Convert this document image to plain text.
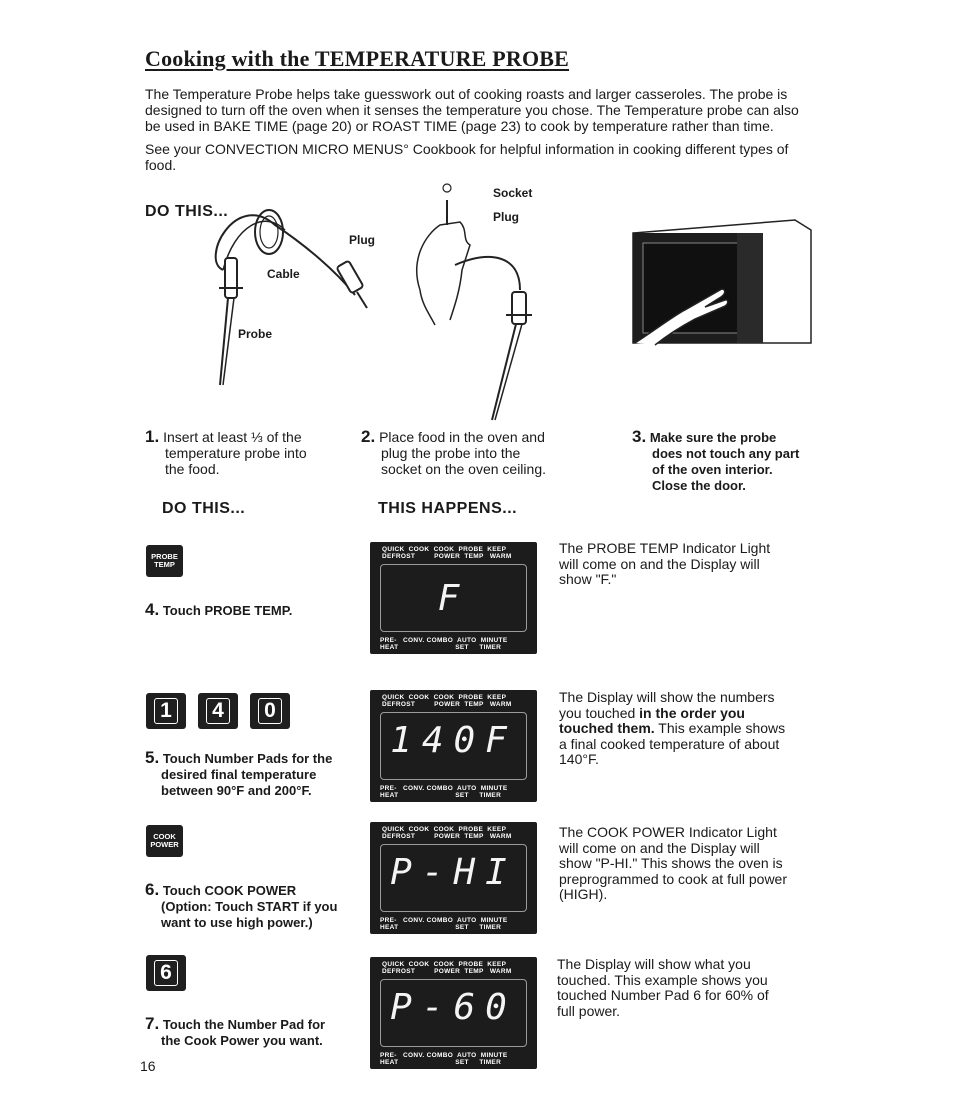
Cooking with the TEMPERATURE PROBE
The Temperature Probe helps take guesswork out of cooking roasts and larger casseroles. The probe is designed to turn off the oven when it senses the temperature you chose. The Temperature probe can also be used in BAKE TIME (page 20) or ROAST TIME (page 23) to cook by temperature rather than time.
See your CONVECTION MICRO MENUS° Cookbook for helpful information in cooking different types of food.
DO THIS...
Cable
Plug
Probe
Socket
Plug
1. Insert at least ⅓ of the
temperature probe into
the food.
2. Place food in the oven and
plug the probe into the
socket on the oven ceiling.
3. Make sure the probe
does not touch any part
of the oven interior.
Close the door.
DO THIS...	THIS HAPPENS...
PROBE
TEMP
4. Touch PROBE TEMP.
QUICK  COOK  COOK  PROBE  KEEP
DEFROST         POWER  TEMP   WARM
F
PRE-   CONV. COMBO  AUTO  MINUTE
HEAT                           SET     TIMER
The PROBE TEMP Indicator Light will come on and the Display will show "F."
1 4 0
5. Touch Number Pads for the
desired final temperature
between 90°F and 200°F.
QUICK  COOK  COOK  PROBE  KEEP
DEFROST         POWER  TEMP   WARM
140F
PRE-   CONV. COMBO  AUTO  MINUTE
HEAT                           SET     TIMER
The Display will show the numbers you touched in the order you touched them. This example shows a final cooked temperature of about 140°F.
COOK
POWER
6. Touch COOK POWER
(Option: Touch START if you
want to use high power.)
QUICK  COOK  COOK  PROBE  KEEP
DEFROST         POWER  TEMP   WARM
P-HI
PRE-   CONV. COMBO  AUTO  MINUTE
HEAT                           SET     TIMER
The COOK POWER Indicator Light will come on and the Display will show "P-HI." This shows the oven is preprogrammed to cook at full power (HIGH).
6
7. Touch the Number Pad for
the Cook Power you want.
QUICK  COOK  COOK  PROBE  KEEP
DEFROST         POWER  TEMP   WARM
P-60
PRE-   CONV. COMBO  AUTO  MINUTE
HEAT                           SET     TIMER
The Display will show what you touched. This example shows you touched Number Pad 6 for 60% of full power.
16
